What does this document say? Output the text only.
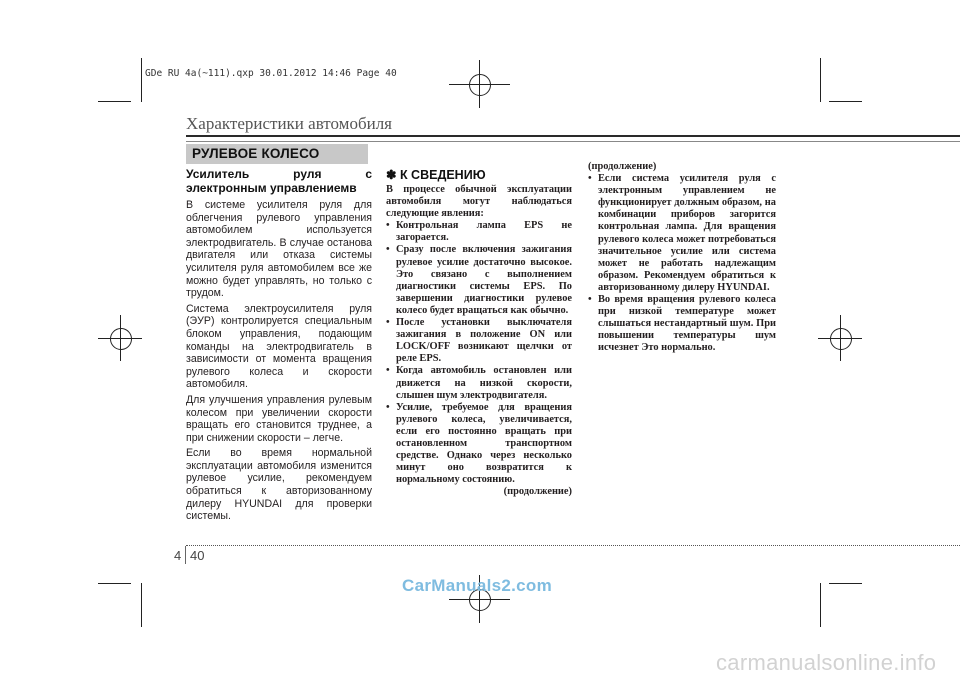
GDe RU 4a(~111).qxp 30.01.2012 14:46 Page 40
Характеристики автомобиля
РУЛЕВОЕ КОЛЕСО
Усилитель руля с электронным управлениемв

В системе усилителя руля для облегчения рулевого управления автомобилем используется электродвигатель. В случае останова двигателя или отказа системы усилителя руля автомобилем все же можно будет управлять, но только с трудом.

Система электроусилителя руля (ЭУР) контролируется специальным блоком управления, подающим команды на электродвигатель в зависимости от момента вращения рулевого колеса и скорости автомобиля.

Для улучшения управления рулевым колесом при увеличении скорости вращать его становится труднее, а при снижении скорости – легче.

Если во время нормальной эксплуатации автомобиля изменится рулевое усилие, рекомендуем обратиться к авторизованному дилеру HYUNDAI для проверки системы.

✽ К СВЕДЕНИЮ

В процессе обычной эксплуатации автомобиля могут наблюдаться следующие явления:

• Контрольная лампа EPS не загорается.
• Сразу после включения зажигания рулевое усилие достаточно высокое. Это связано с выполнением диагностики системы EPS. По завершении диагностики рулевое колесо будет вращаться как обычно.
• После установки выключателя зажигания в положение ON или LOCK/OFF возникают щелчки от реле EPS.
• Когда автомобиль остановлен или движется на низкой скорости, слышен шум электродвигателя.
• Усилие, требуемое для вращения рулевого колеса, увеличивается, если его постоянно вращать при остановленном транспортном средстве. Однако через несколько минут оно возвратится к нормальному состоянию.
(продолжение)
(продолжение)
• Если система усилителя руля с электронным управлением не функционирует должным образом, на комбинации приборов загорится контрольная лампа. Для вращения рулевого колеса может потребоваться значительное усилие или система может не работать надлежащим образом. Рекомендуем обратиться к авторизованному дилеру HYUNDAI.
• Во время вращения рулевого колеса при низкой температуре может слышаться нестандартный шум. При повышении температуры шум исчезнет Это нормально.
4 40
CarManuals2.com
carmanualsonline.info
